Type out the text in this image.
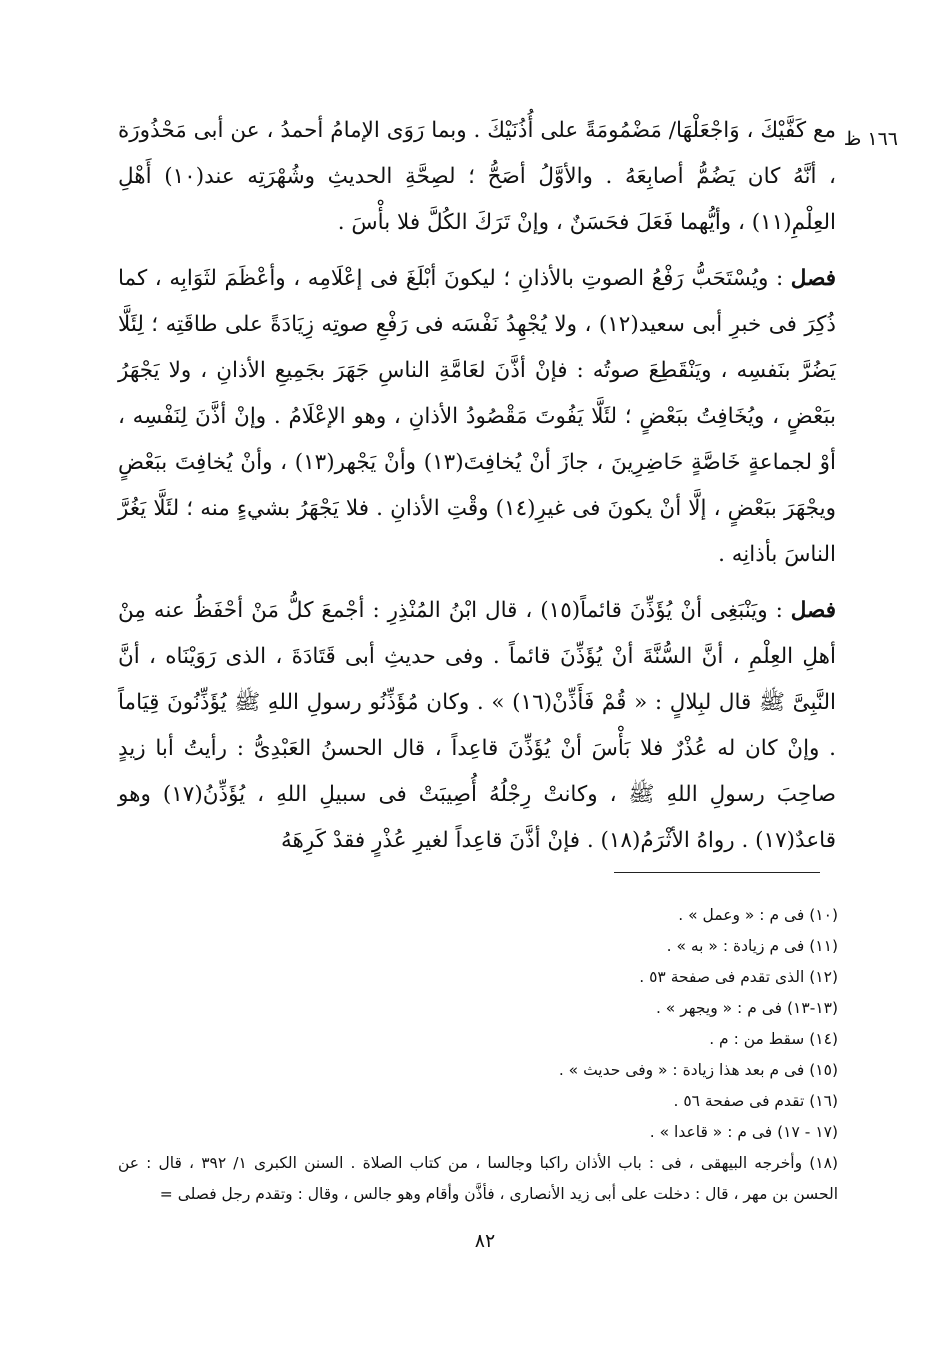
١٦٦ ظ

مع كَفَّيْكَ ، وَاجْعَلْهَا/ مَضْمُومَةً على أُذُنَيْكَ . وبما رَوَى الإمامُ أحمدُ ، عن أبى مَحْذُورَة ، أنَّهُ كان يَضُمُّ أصابِعَهُ . والأوَّلُ أصَحُّ ؛ لصِحَّةِ الحديثِ وشُهْرَتِه عند(١٠) أَهْلِ العِلْمِ(١١) ، وأيُّهما فَعَلَ فحَسَنٌ ، وإنْ تَرَكَ الكُلَّ فلا بأْسَ .

فصل : ويُسْتَحَبُّ رَفْعُ الصوتِ بالأذانِ ؛ ليكونَ أبْلَغَ فى إعْلَامِه ، وأعْظَمَ لثَوَابِه ، كما ذُكِرَ فى خبرِ أبى سعيد(١٢) ، ولا يُجْهِدُ نَفْسَه فى رَفْعِ صوتِه زِيَادَةً على طاقَتِه ؛ لِئَلَّا يَضُرَّ بنَفسِه ، ويَنْقَطِعَ صوتُه : فإنْ أذَّنَ لعَامَّةِ الناسِ جَهَرَ بجَمِيعِ الأذانِ ، ولا يَجْهَرُ ببَعْضٍ ، ويُخَافِتُ ببَعْضٍ ؛ لئَلَّا يَفُوتَ مَقْصُودُ الأذانِ ، وهو الإعْلَامُ . وإنْ أذَّنَ لِنَفْسِه ، أوْ لجماعةٍ خَاصَّةٍ حَاضِرِينَ ، جازَ أنْ يُخافِتَ(١٣) وأنْ يَجْهر(١٣) ، وأنْ يُخافِتَ ببَعْضٍ ويجْهَرَ ببَعْضٍ ، إلَّا أنْ يكونَ فى غيرِ(١٤) وقْتِ الأذانِ . فلا يَجْهَرُ بشيءٍ منه ؛ لئَلَّا يَغُرَّ الناسَ بأذانِه .

فصل : ويَنْبَغِى أنْ يُؤَذِّنَ قائماً(١٥) ، قال ابْنُ المُنْذِرِ : أجْمعَ كلُّ مَنْ أحْفَظُ عنه مِنْ أهلِ العِلْمِ ، أنَّ السُّنَّةَ أنْ يُؤَذِّنَ قائماً . وفى حديثِ أبى قَتَادَةَ ، الذى رَوَيْنَاه ، أنَّ النَّبِىَّ ﷺ قال لبِلالٍ : « قُمْ فَأَذِّنْ(١٦) » . وكان مُؤَذِّنُو رسولِ اللهِ ﷺ يُؤَذِّنُونَ قِيَاماً . وإنْ كان له عُذْرٌ فلا بَأْسَ أنْ يُؤَذِّنَ قاعِداً ، قال الحسنُ العَبْدِىُّ : رأيتُ أبا زيدٍ صاحِبَ رسولِ اللهِ ﷺ ، وكانتْ رِجْلُهُ أُصِيبَتْ فى سبيلِ اللهِ ، يُؤَذِّنُ(١٧) وهو قاعدٌ(١٧) . رواهُ الأثْرَمُ(١٨) . فإنْ أذَّنَ قاعِداً لغيرِ عُذْرٍ فقدْ كَرِهَهُ

(١٠) فى م : « وعمل » .

(١١) فى م زيادة : « به » .

(١٢) الذى تقدم فى صفحة ٥٣ .

(١٣-١٣) فى م : « ويجهر » .

(١٤) سقط من : م .

(١٥) فى م بعد هذا زيادة : « وفى حديث » .

(١٦) تقدم فى صفحة ٥٦ .

(١٧ - ١٧) فى م : « قاعدا » .

(١٨) وأخرجه البيهقى ، فى : باب الأذان راكبا وجالسا ، من كتاب الصلاة . السنن الكبرى ١/ ٣٩٢ ، قال : عن الحسن بن مهر ، قال : دخلت على أبى زيد الأنصارى ، فأذَّن وأقام وهو جالس ، وقال : وتقدم رجل فصلى =

٨٢
